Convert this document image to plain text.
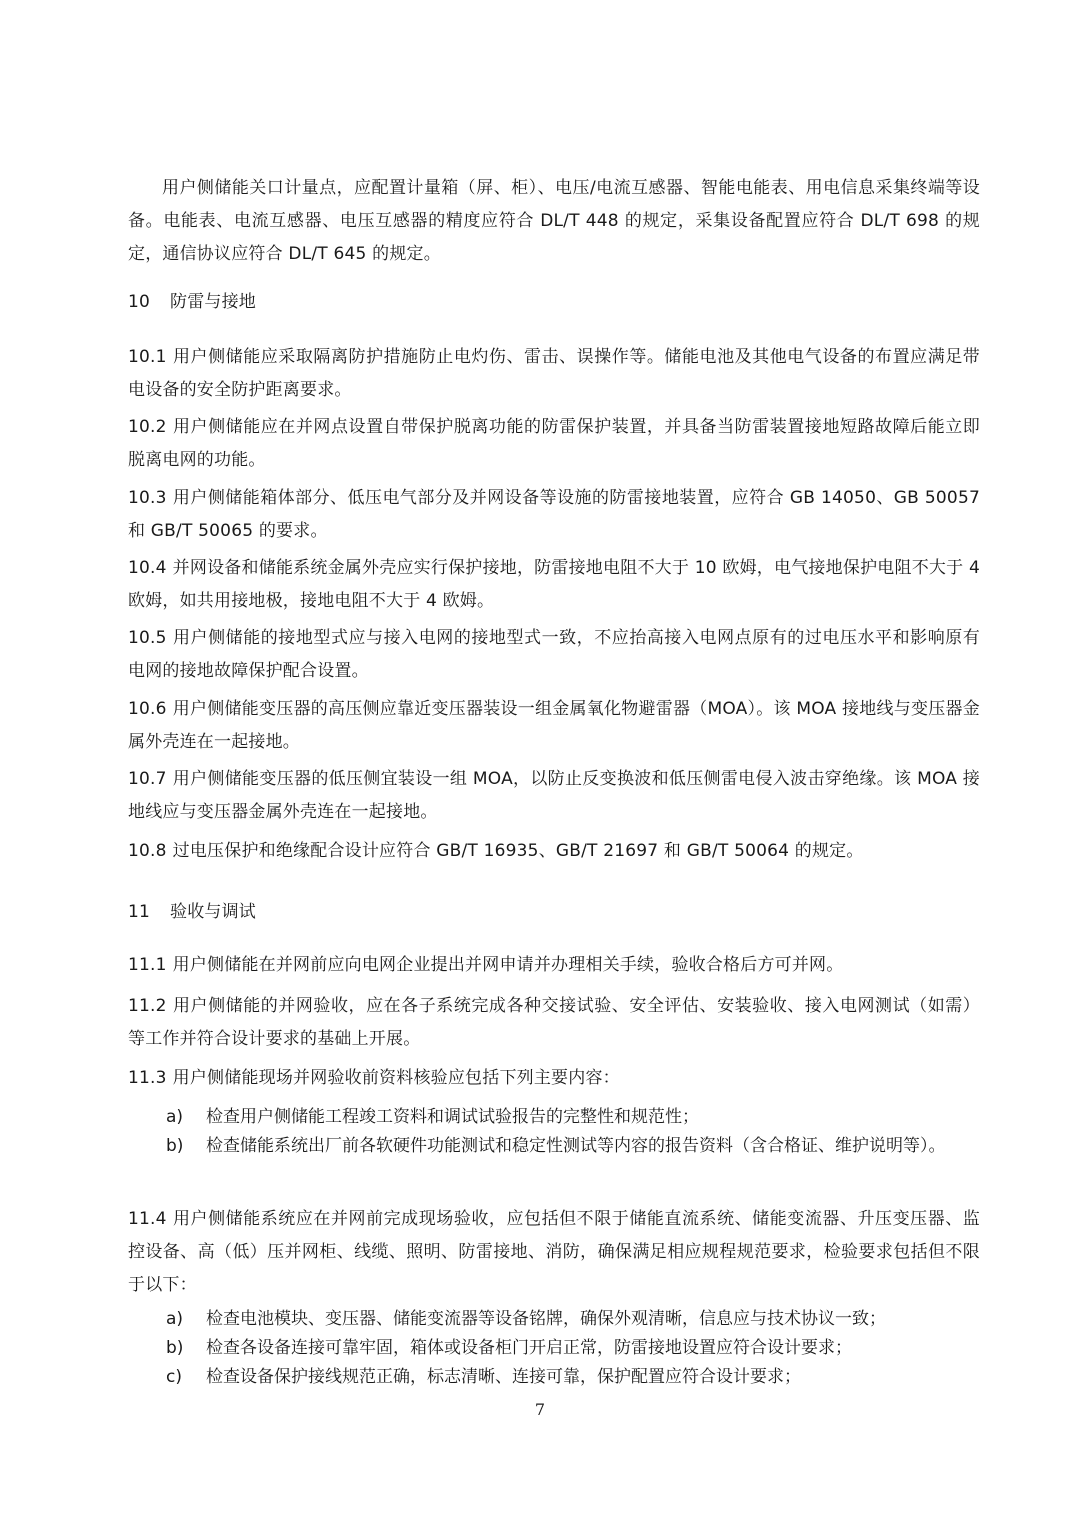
用户侧储能关口计量点，应配置计量箱（屏、柜）、电压/电流互感器、智能电能表、用电信息采集终端等设备。电能表、电流互感器、电压互感器的精度应符合 DL/T 448 的规定，采集设备配置应符合 DL/T 698 的规定，通信协议应符合 DL/T 645 的规定。

10 防雷与接地

10.1 用户侧储能应采取隔离防护措施防止电灼伤、雷击、误操作等。储能电池及其他电气设备的布置应满足带电设备的安全防护距离要求。

10.2 用户侧储能应在并网点设置自带保护脱离功能的防雷保护装置，并具备当防雷装置接地短路故障后能立即脱离电网的功能。

10.3 用户侧储能箱体部分、低压电气部分及并网设备等设施的防雷接地装置，应符合 GB 14050、GB 50057 和 GB/T 50065 的要求。

10.4 并网设备和储能系统金属外壳应实行保护接地，防雷接地电阻不大于 10 欧姆，电气接地保护电阻不大于 4 欧姆，如共用接地极，接地电阻不大于 4 欧姆。

10.5 用户侧储能的接地型式应与接入电网的接地型式一致，不应抬高接入电网点原有的过电压水平和影响原有电网的接地故障保护配合设置。

10.6 用户侧储能变压器的高压侧应靠近变压器装设一组金属氧化物避雷器（MOA）。该 MOA 接地线与变压器金属外壳连在一起接地。

10.7 用户侧储能变压器的低压侧宜装设一组 MOA，以防止反变换波和低压侧雷电侵入波击穿绝缘。该 MOA 接地线应与变压器金属外壳连在一起接地。

10.8 过电压保护和绝缘配合设计应符合 GB/T 16935、GB/T 21697 和 GB/T 50064 的规定。

11 验收与调试

11.1 用户侧储能在并网前应向电网企业提出并网申请并办理相关手续，验收合格后方可并网。

11.2 用户侧储能的并网验收，应在各子系统完成各种交接试验、安全评估、安装验收、接入电网测试（如需）等工作并符合设计要求的基础上开展。

11.3 用户侧储能现场并网验收前资料核验应包括下列主要内容：

a) 检查用户侧储能工程竣工资料和调试试验报告的完整性和规范性；
b) 检查储能系统出厂前各软硬件功能测试和稳定性测试等内容的报告资料（含合格证、维护说明等）。

11.4 用户侧储能系统应在并网前完成现场验收，应包括但不限于储能直流系统、储能变流器、升压变压器、监控设备、高（低）压并网柜、线缆、照明、防雷接地、消防，确保满足相应规程规范要求，检验要求包括但不限于以下：

a) 检查电池模块、变压器、储能变流器等设备铭牌，确保外观清晰，信息应与技术协议一致；
b) 检查各设备连接可靠牢固，箱体或设备柜门开启正常，防雷接地设置应符合设计要求；
c) 检查设备保护接线规范正确，标志清晰、连接可靠，保护配置应符合设计要求；
7
